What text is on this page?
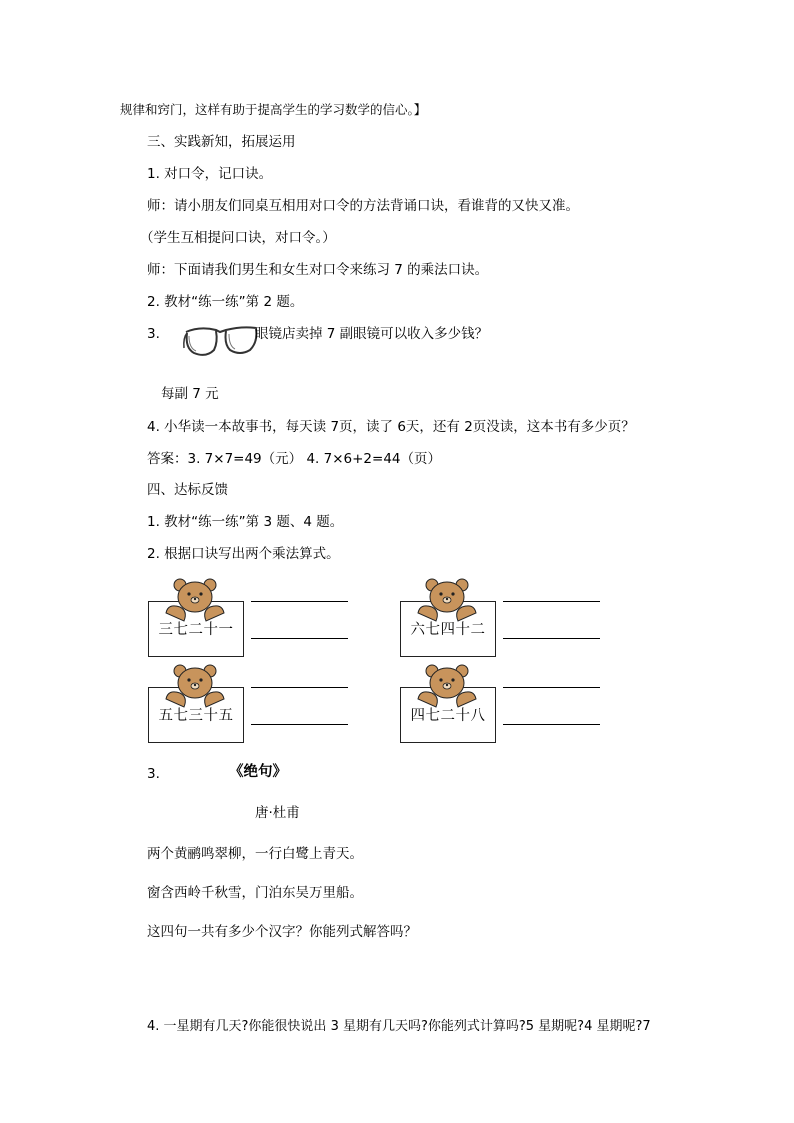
规律和窍门，这样有助于提高学生的学习数学的信心。】
三、实践新知，拓展运用
1. 对口令，记口诀。
师：请小朋友们同桌互相用对口令的方法背诵口诀，看谁背的又快又准。
（学生互相提问口诀，对口令。）
师：下面请我们男生和女生对口令来练习 7 的乘法口诀。
2. 教材“练一练”第 2 题。
3.	眼镜店卖掉 7 副眼镜可以收入多少钱？
每副 7 元
4. 小华读一本故事书，每天读 7页，读了 6天，还有 2页没读，这本书有多少页？
答案：3. 7×7=49（元） 4. 7×6+2=44（页）
四、达标反馈
1. 教材“练一练”第 3 题、4 题。
2. 根据口诀写出两个乘法算式。
三七二十一	六七四十二
五七三十五	四七二十八
3.	《绝句》
唐·杜甫
两个黄鹂鸣翠柳，一行白鹭上青天。
窗含西岭千秋雪，门泊东吴万里船。
这四句一共有多少个汉字？你能列式解答吗？
4. 一星期有几天?你能很快说出 3 星期有几天吗?你能列式计算吗?5 星期呢?4 星期呢?7
